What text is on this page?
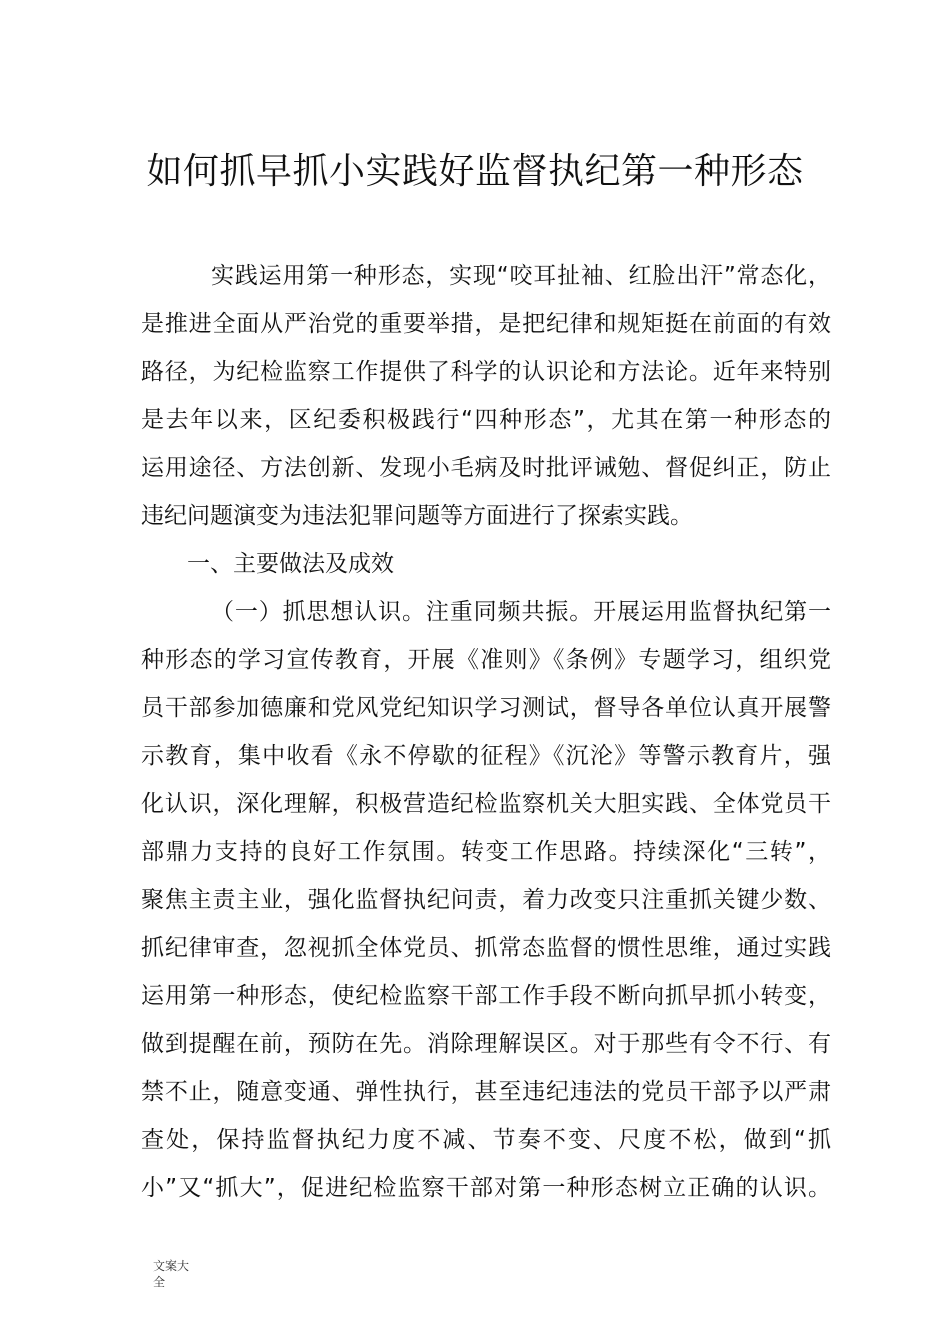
如何抓早抓小实践好监督执纪第一种形态
实践运用第一种形态，实现“咬耳扯袖、红脸出汗”常态化，
是推进全面从严治党的重要举措，是把纪律和规矩挺在前面的有效
路径，为纪检监察工作提供了科学的认识论和方法论。近年来特别
是去年以来，区纪委积极践行“四种形态”，尤其在第一种形态的
运用途径、方法创新、发现小毛病及时批评诫勉、督促纠正，防止
违纪问题演变为违法犯罪问题等方面进行了探索实践。
一、主要做法及成效
（一）抓思想认识。注重同频共振。开展运用监督执纪第一
种形态的学习宣传教育，开展《准则》《条例》专题学习，组织党
员干部参加德廉和党风党纪知识学习测试，督导各单位认真开展警
示教育，集中收看《永不停歇的征程》《沉沦》等警示教育片，强
化认识，深化理解，积极营造纪检监察机关大胆实践、全体党员干
部鼎力支持的良好工作氛围。转变工作思路。持续深化“三转”，
聚焦主责主业，强化监督执纪问责，着力改变只注重抓关键少数、
抓纪律审查，忽视抓全体党员、抓常态监督的惯性思维，通过实践
运用第一种形态，使纪检监察干部工作手段不断向抓早抓小转变，
做到提醒在前，预防在先。消除理解误区。对于那些有令不行、有
禁不止，随意变通、弹性执行，甚至违纪违法的党员干部予以严肃
查处，保持监督执纪力度不减、节奏不变、尺度不松，做到“抓
小”又“抓大”，促进纪检监察干部对第一种形态树立正确的认识。

文案大全
